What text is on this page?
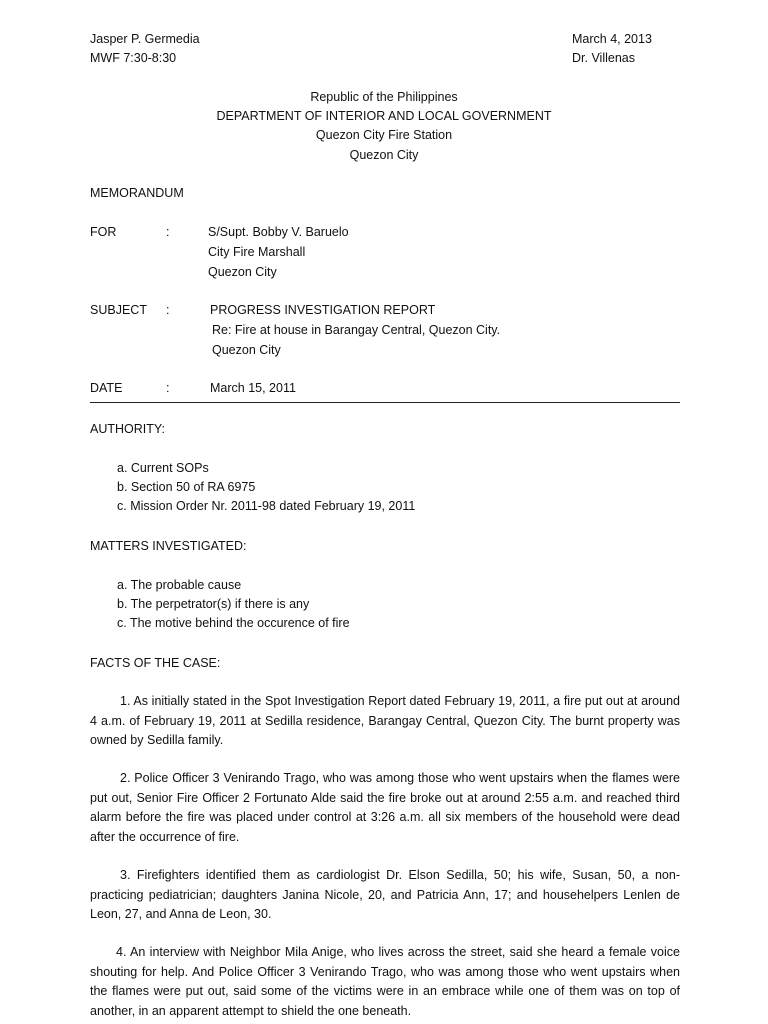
Jasper P. Germedia
MWF 7:30-8:30
March 4, 2013
Dr. Villenas
Republic of the Philippines
DEPARTMENT OF INTERIOR AND LOCAL GOVERNMENT
Quezon City Fire Station
Quezon City
MEMORANDUM
FOR	:	S/Supt. Bobby V. Baruelo
City Fire Marshall
Quezon City
SUBJECT :	PROGRESS INVESTIGATION REPORT
Re: Fire at house in Barangay Central, Quezon City.
Quezon City
DATE	:	March 15, 2011
AUTHORITY:
a. Current SOPs
b. Section 50 of RA 6975
c. Mission Order Nr. 2011-98 dated February 19, 2011
MATTERS INVESTIGATED:
a. The probable cause
b. The perpetrator(s) if there is any
c. The motive behind the occurence of fire
FACTS OF THE CASE:
1. As initially stated in the Spot Investigation Report dated February 19, 2011, a fire put out at around 4 a.m. of February 19, 2011 at Sedilla residence, Barangay Central, Quezon City. The burnt property was owned by Sedilla family.
2. Police Officer 3 Venirando Trago, who was among those who went upstairs when the flames were put out, Senior Fire Officer 2 Fortunato Alde said the fire broke out at around 2:55 a.m. and reached third alarm before the fire was placed under control at 3:26 a.m. all six members of the household were dead after the occurrence of fire.
3. Firefighters identified them as cardiologist Dr. Elson Sedilla, 50; his wife, Susan, 50, a non-practicing pediatrician; daughters Janina Nicole, 20, and Patricia Ann, 17; and househelpers Lenlen de Leon, 27, and Anna de Leon, 30.
4. An interview with Neighbor Mila Anige, who lives across the street, said she heard a female voice shouting for help. And Police Officer 3 Venirando Trago, who was among those who went upstairs when the flames were put out, said some of the victims were in an embrace while one of them was on top of another, in an apparent attempt to shield the one beneath.
